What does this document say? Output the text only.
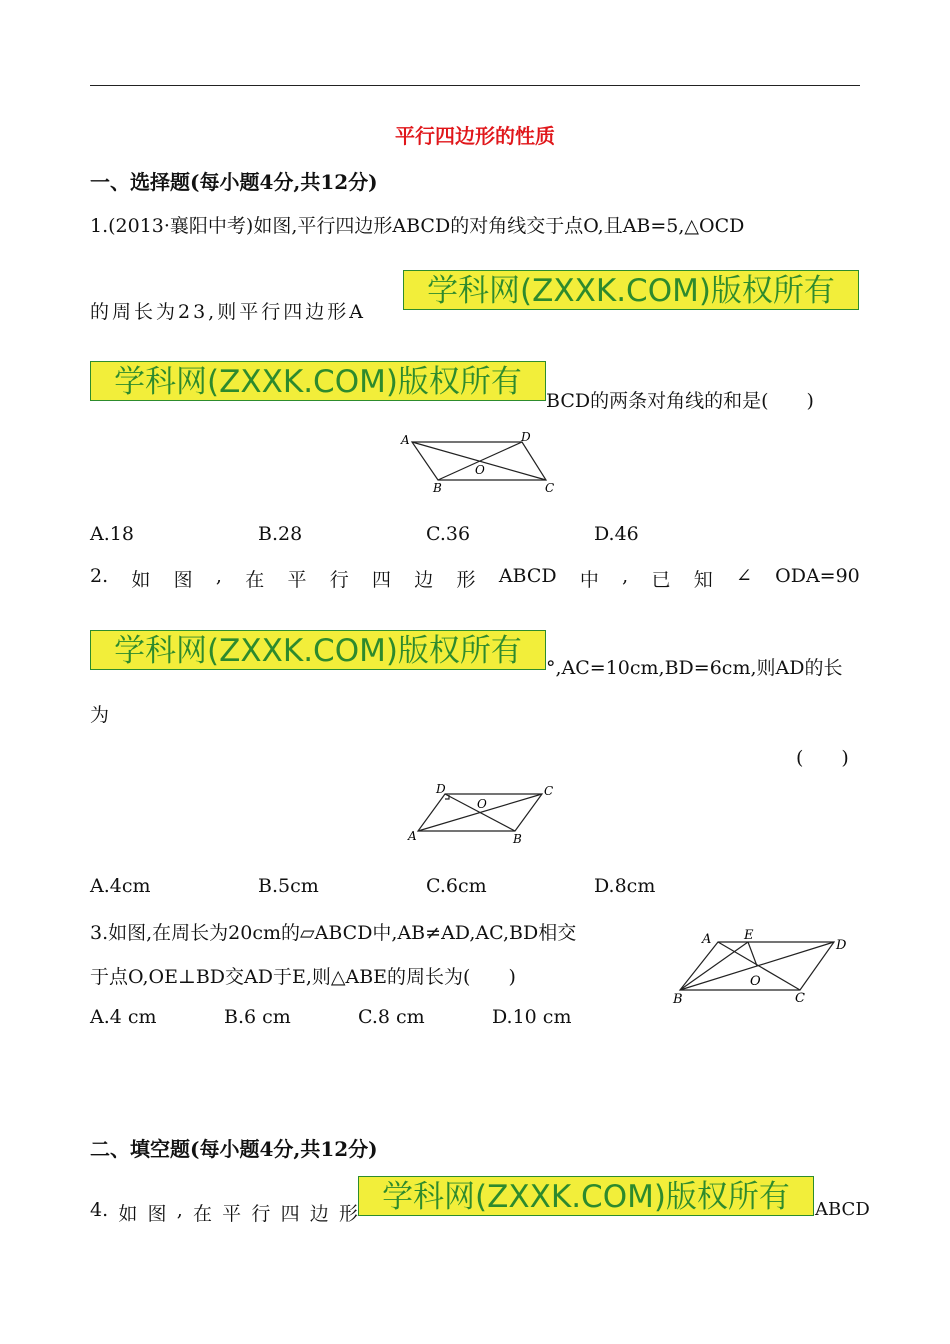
平行四边形的性质
一、选择题(每小题4分,共12分)
1.(2013·襄阳中考)如图,平行四边形ABCD的对角线交于点O,且AB=5,△OCD
的周长为23,则平行四边形A
学科网(ZXXK.COM)版权所有
学科网(ZXXK.COM)版权所有
BCD的两条对角线的和是(　　)
A	D
O
B	C
A.18	B.28	C.36	D.46
2. 如 图 , 在 平 行 四 边 形 ABCD 中 , 已 知 ∠ ODA=90
学科网(ZXXK.COM)版权所有	°,AC=10cm,BD=6cm,则AD的长
为
(　　)
D
O
C
A	B
A.4cm	B.5cm	C.6cm	D.8cm
3.如图,在周长为20cm的▱ABCD中,AB≠AD,AC,BD相交
于点O,OE⊥BD交AD于E,则△ABE的周长为(　　)
A.4 cm	B.6 cm	C.8 cm	D.10 cm
A	E
D
O
B	C
二、填空题(每小题4分,共12分)
4. 如 图 , 在 平 行 四 边 形 学科网(ZXXK.COM)版权所有	ABCD
